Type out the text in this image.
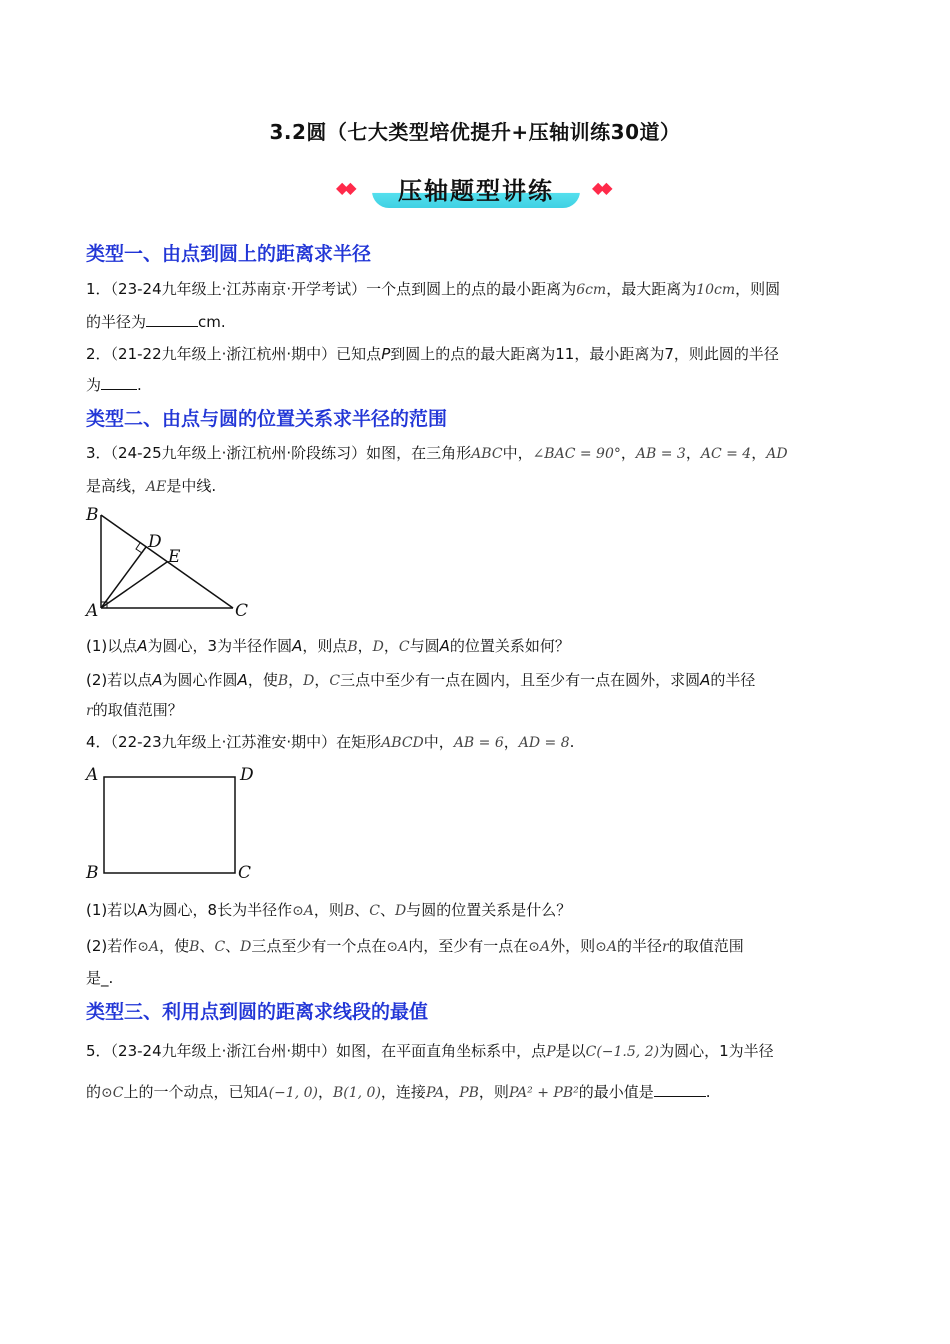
3.2圆（七大类型培优提升+压轴训练30道）
◆◆	压轴题型讲练	◆◆
类型一、由点到圆上的距离求半径
1．（23-24九年级上·江苏南京·开学考试）一个点到圆上的点的最小距离为6cm，最大距离为10cm，则圆
的半径为	cm.
2．（21-22九年级上·浙江杭州·期中）已知点P到圆上的点的最大距离为11，最小距离为7，则此圆的半径
为 .
类型二、由点与圆的位置关系求半径的范围
3．（24-25九年级上·浙江杭州·阶段练习）如图，在三角形ABC中，∠BAC = 90°，AB = 3，AC = 4，AD
是高线，AE是中线.
B
D
E
A	C
(1)以点A为圆心，3为半径作圆A，则点B，D，C与圆A的位置关系如何？
(2)若以点A为圆心作圆A，使B，D，C三点中至少有一点在圆内，且至少有一点在圆外，求圆A的半径
r的取值范围？
4．（22-23九年级上·江苏淮安·期中）在矩形ABCD中，AB = 6，AD = 8.
A	D
B	C
(1)若以A为圆心，8长为半径作⊙A，则B、C、D与圆的位置关系是什么？
(2)若作⊙A，使B、C、D三点至少有一个点在⊙A内，至少有一点在⊙A外，则⊙A的半径r的取值范围
是_.
类型三、利用点到圆的距离求线段的最值
5．（23-24九年级上·浙江台州·期中）如图，在平面直角坐标系中，点P是以C(−1.5, 2)为圆心，1为半径
的⊙C上的一个动点，已知A(−1, 0)，B(1, 0)，连接PA，PB，则PA² + PB²的最小值是	.
